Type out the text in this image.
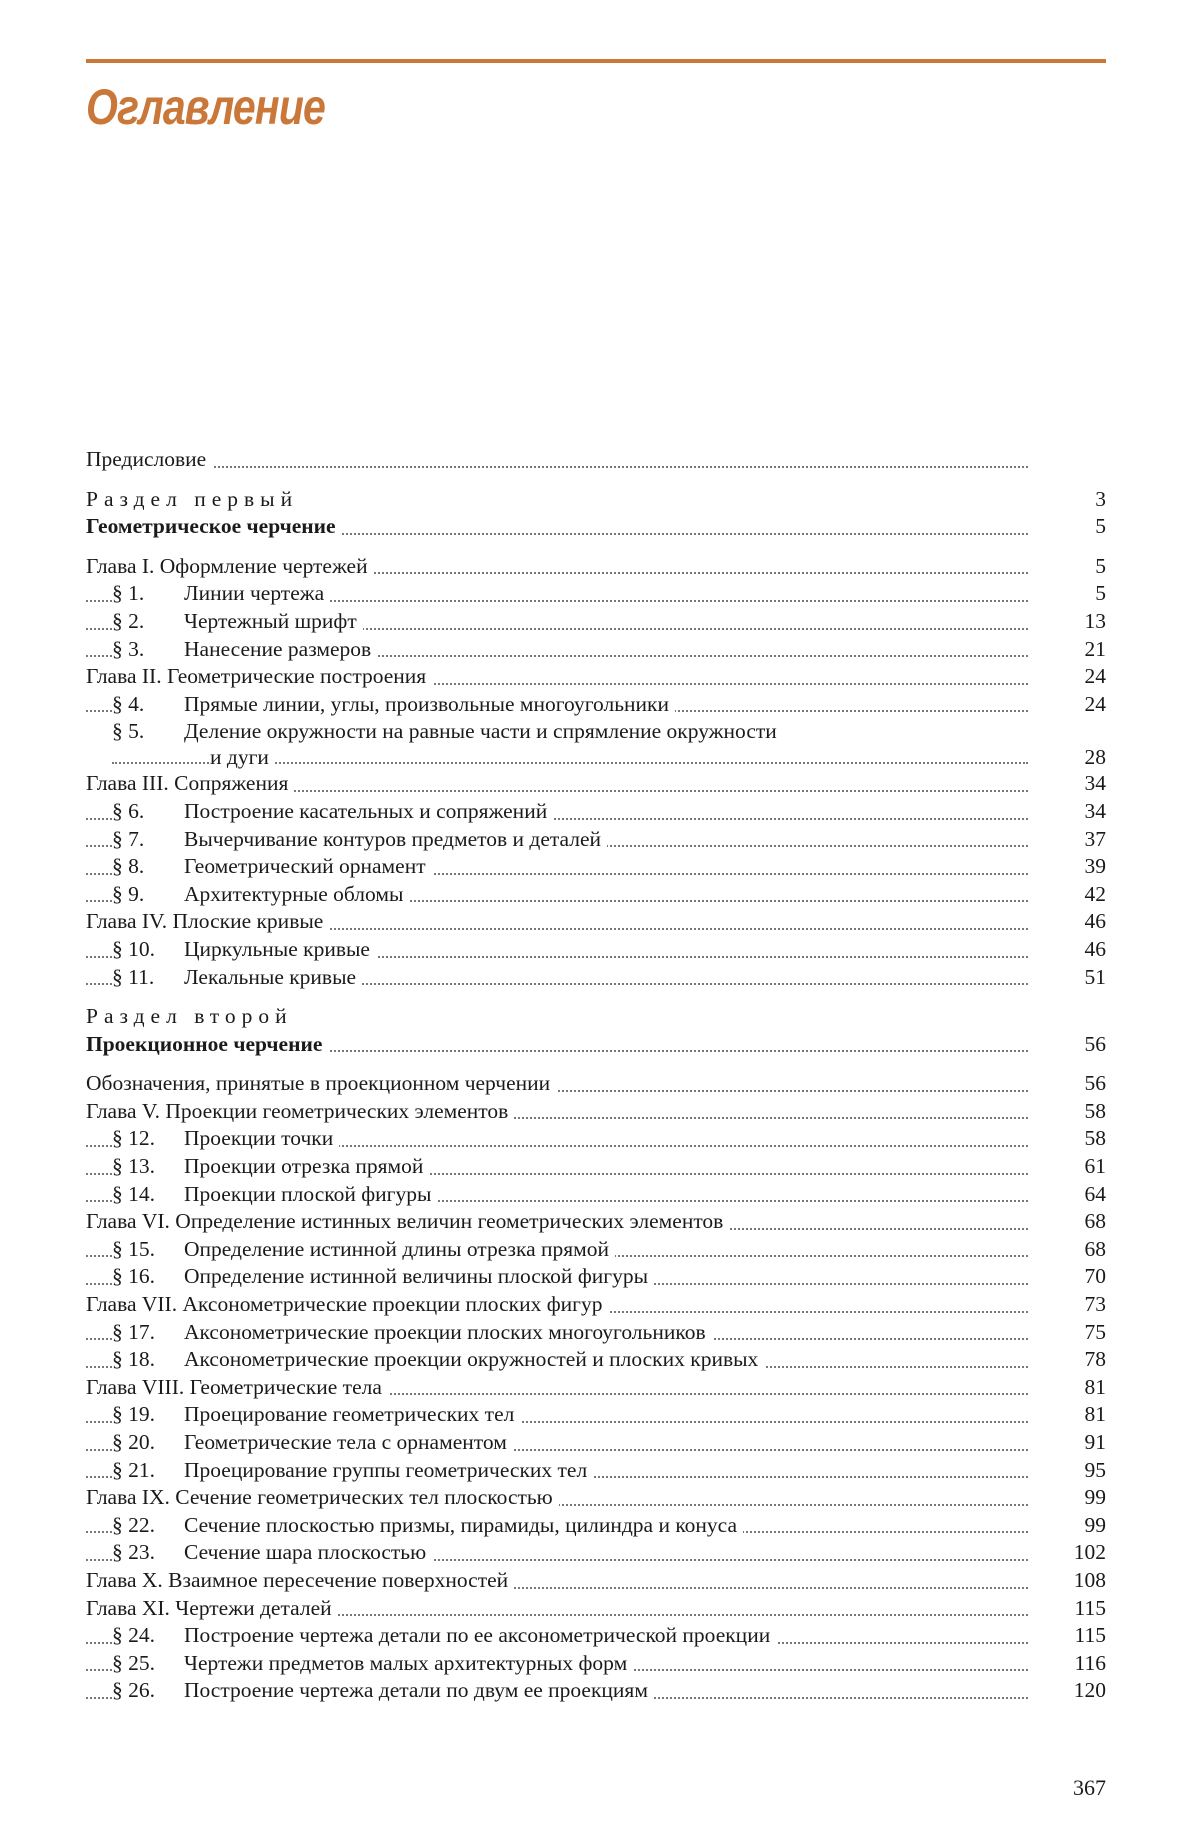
Оглавление
Предисловие
Раздел первый	3
Геометрическое черчение	5
Глава I. Оформление чертежей	5
§ 1. Линии чертежа	5
§ 2. Чертежный шрифт	13
§ 3. Нанесение размеров	21
Глава II. Геометрические построения	24
§ 4. Прямые линии, углы, произвольные многоугольники	24
§ 5. Деление окружности на равные части и спрямление окружности
и дуги	28
Глава III. Сопряжения	34
§ 6. Построение касательных и сопряжений	34
§ 7. Вычерчивание контуров предметов и деталей	37
§ 8. Геометрический орнамент	39
§ 9. Архитектурные обломы	42
Глава IV. Плоские кривые	46
§ 10. Циркульные кривые	46
§ 11. Лекальные кривые	51
Раздел второй
Проекционное черчение	56
Обозначения, принятые в проекционном черчении	56
Глава V. Проекции геометрических элементов	58
§ 12. Проекции точки	58
§ 13. Проекции отрезка прямой	61
§ 14. Проекции плоской фигуры	64
Глава VI. Определение истинных величин геометрических элементов	68
§ 15. Определение истинной длины отрезка прямой	68
§ 16. Определение истинной величины плоской фигуры	70
Глава VII. Аксонометрические проекции плоских фигур	73
§ 17. Аксонометрические проекции плоских многоугольников	75
§ 18. Аксонометрические проекции окружностей и плоских кривых	78
Глава VIII. Геометрические тела	81
§ 19. Проецирование геометрических тел	81
§ 20. Геометрические тела с орнаментом	91
§ 21. Проецирование группы геометрических тел	95
Глава IX. Сечение геометрических тел плоскостью	99
§ 22. Сечение плоскостью призмы, пирамиды, цилиндра и конуса	99
§ 23. Сечение шара плоскостью	102
Глава X. Взаимное пересечение поверхностей	108
Глава XI. Чертежи деталей	115
§ 24. Построение чертежа детали по ее аксонометрической проекции	115
§ 25. Чертежи предметов малых архитектурных форм	116
§ 26. Построение чертежа детали по двум ее проекциям	120
367
